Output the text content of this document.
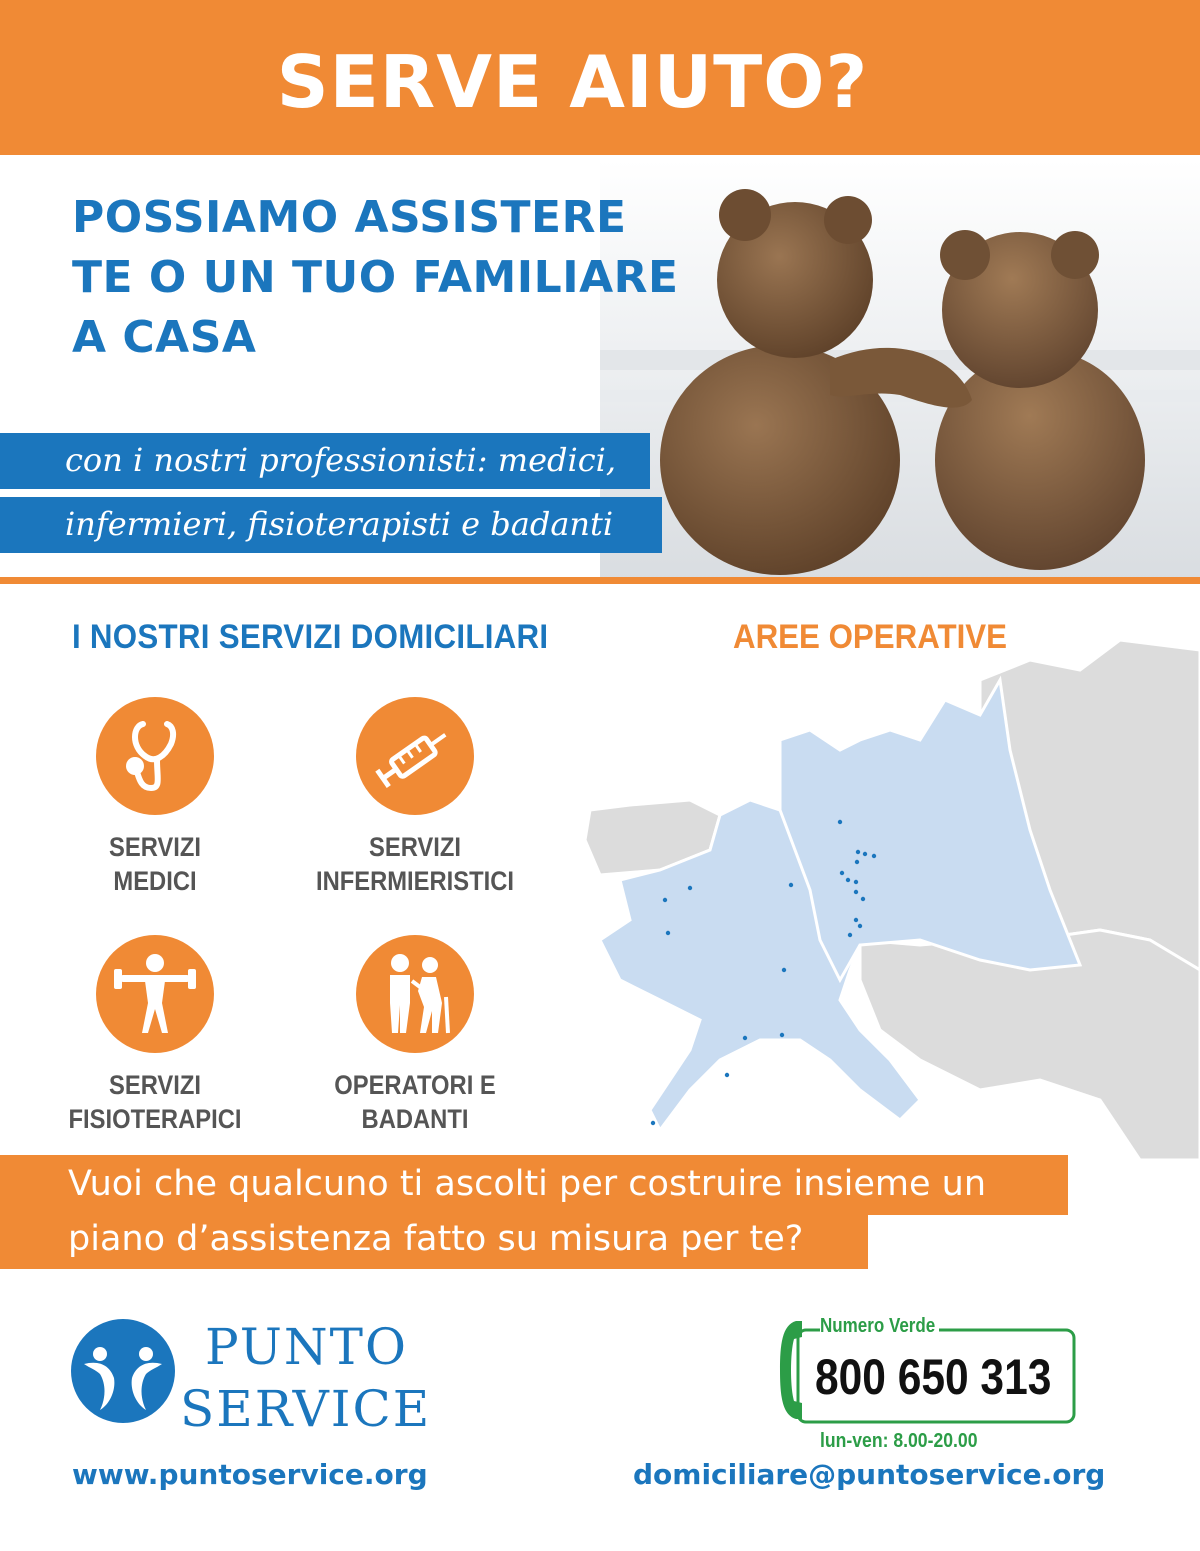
SERVE AIUTO?
POSSIAMO ASSISTERE
TE O UN TUO FAMILIARE
A CASA
con i nostri professionisti: medici,
infermieri, fisioterapisti e badanti
I NOSTRI SERVIZI DOMICILIARI	AREE OPERATIVE
SERVIZI
MEDICI
SERVIZI
INFERMIERISTICI
SERVIZI
FISIOTERAPICI
OPERATORI E
BADANTI
Vuoi che qualcuno ti ascolti per costruire insieme un
piano d’assistenza fatto su misura per te?
PUNTO
SERVICE
www.puntoservice.org
Numero Verde
800 650 313
lun-ven: 8.00-20.00
domiciliare@puntoservice.org
